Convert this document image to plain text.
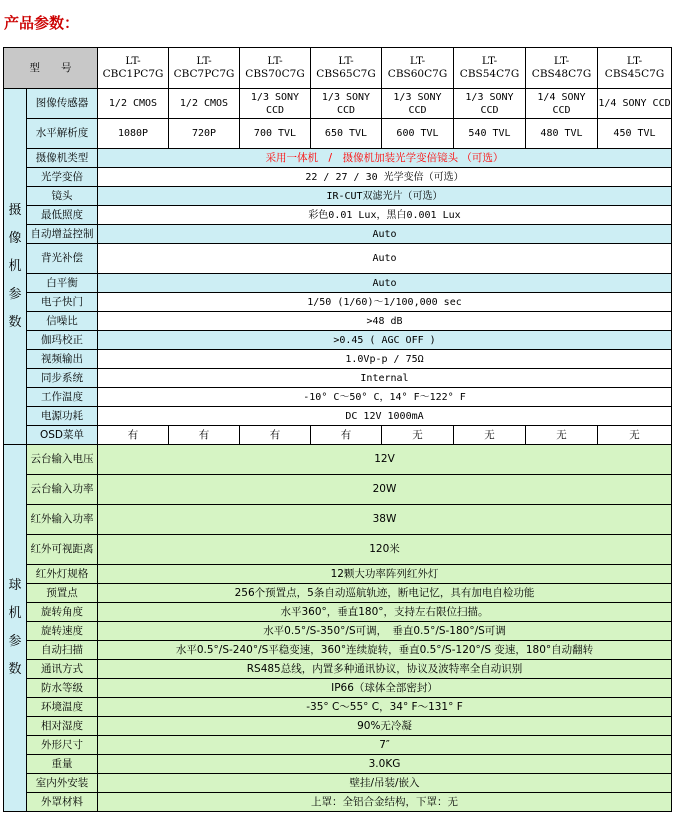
产品参数：
型　　号		LT-CBC1PC7G	LT-CBC7PC7G	LT-CBS70C7G	LT-CBS65C7G	LT-CBS60C7G	LT-CBS54C7G	LT-CBS48C7G	LT-CBS45C7G
摄
像
机
参
数	图像传感器	1/2 CMOS	1/2 CMOS	1/3 SONY CCD	1/3 SONY CCD	1/3 SONY CCD	1/3 SONY CCD	1/4 SONY CCD	1/4 SONY CCD
	水平解析度	1080P	720P	700 TVL	650 TVL	600 TVL	540 TVL	480 TVL	450 TVL
	摄像机类型	采用一体机　/　摄像机加装光学变倍镜头 （可选）							
	光学变倍	22 / 27 / 30 光学变倍（可选）							
	镜头	IR-CUT双滤光片（可选）							
	最低照度	彩色0.01 Lux，黑白0.001 Lux							
	自动增益控制	Auto							
	背光补偿	Auto							
	白平衡	Auto							
	电子快门	1/50 (1/60)～1/100,000 sec							
	信噪比	>48 dB							
	伽玛校正	>0.45 ( AGC OFF )							
	视频输出	1.0Vp-p / 75Ω							
	同步系统	Internal							
	工作温度	-10° C～50° C，14° F～122° F							
	电源功耗	DC 12V 1000mA							
	OSD菜单	有	有	有	有	无	无	无	无
球
机
参
数	云台输入电压	12V							
	云台输入功率	20W							
	红外输入功率	38W							
	红外可视距离	120米							
	红外灯规格	12颗大功率阵列红外灯							
	预置点	256个预置点，5条自动巡航轨迹，断电记忆，具有加电自检功能							
	旋转角度	水平360°，垂直180°，支持左右限位扫描。							
	旋转速度	水平0.5°/S-350°/S可调，　垂直0.5°/S-180°/S可调							
	自动扫描	水平0.5°/S-240°/S平稳变速，360°连续旋转，垂直0.5°/S-120°/S 变速，180°自动翻转							
	通讯方式	RS485总线，内置多种通讯协议，协议及波特率全自动识别							
	防水等级	IP66（球体全部密封）							
	环境温度	-35° C～55° C，34° F～131° F							
	相对湿度	90%无冷凝							
	外形尺寸	7″							
	重量	3.0KG							
	室内外安装	壁挂/吊装/嵌入							
	外罩材料	上罩：全铝合金结构，下罩：无							
